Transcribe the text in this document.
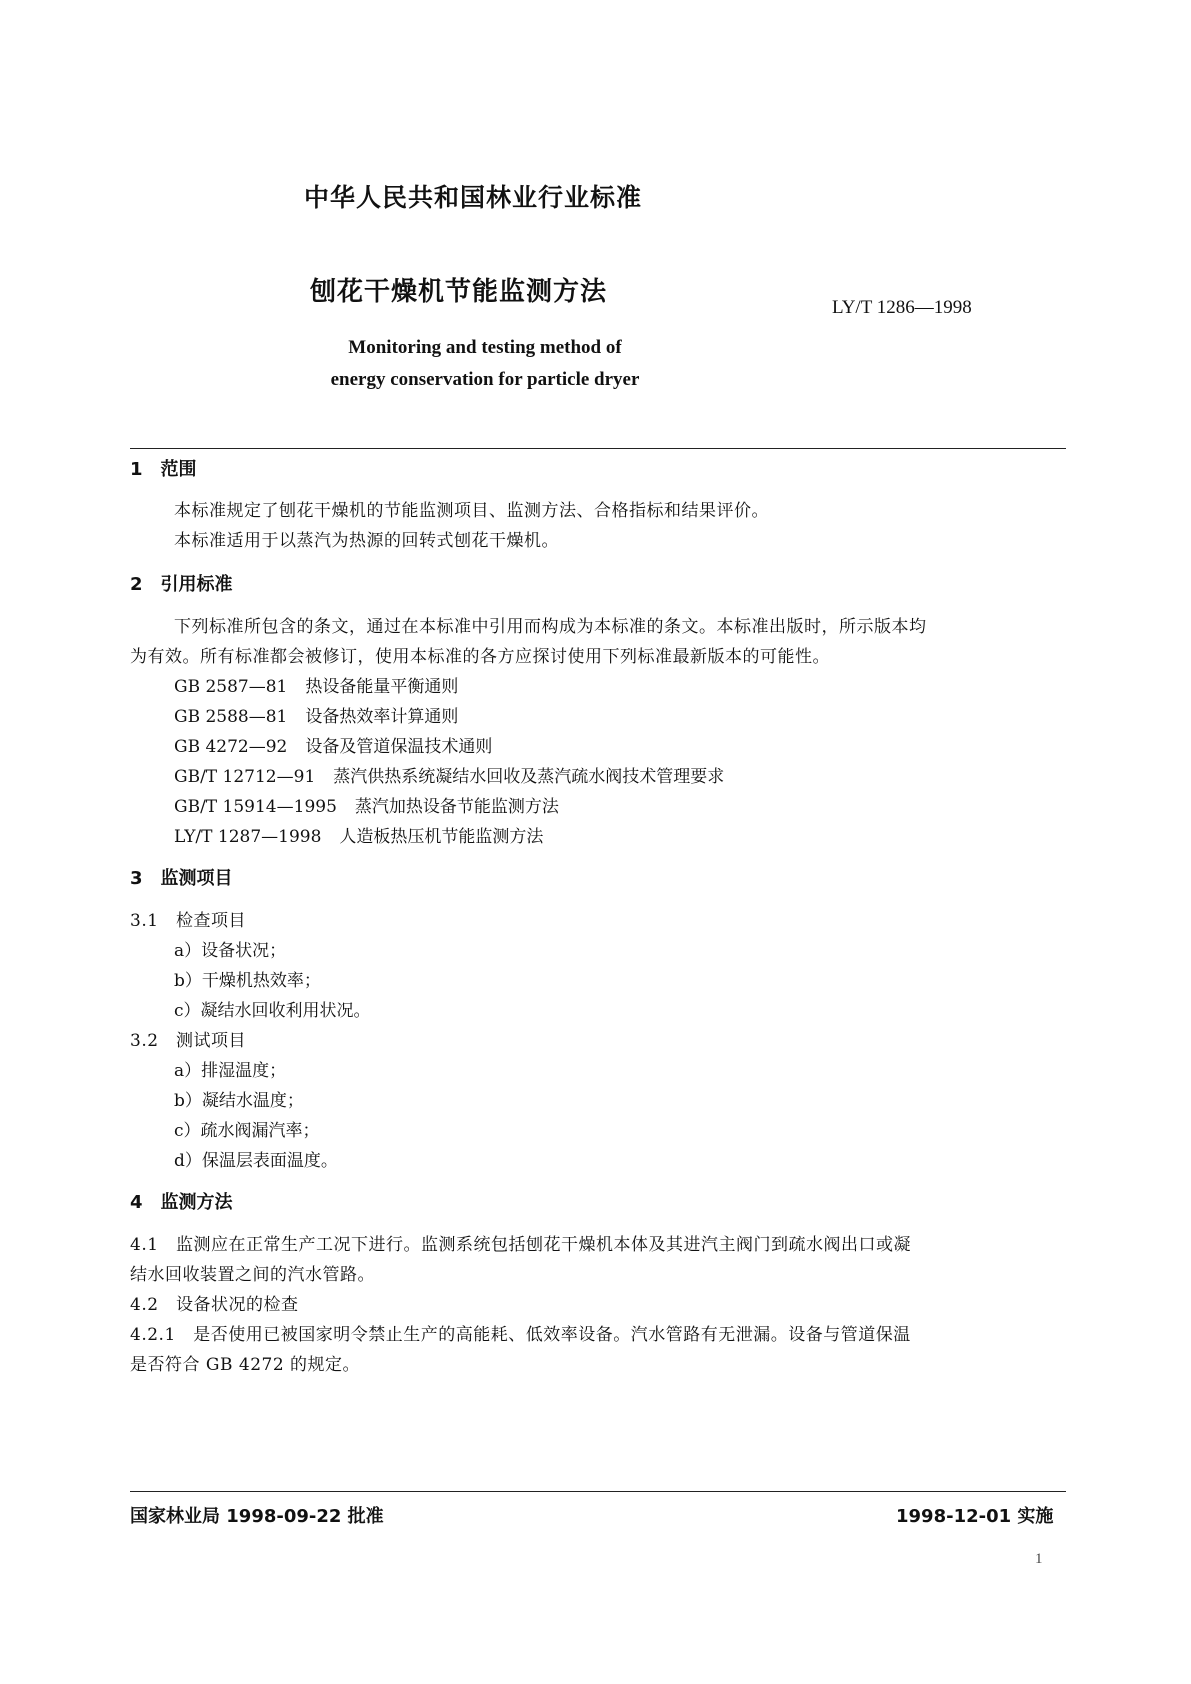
中华人民共和国林业行业标准
刨花干燥机节能监测方法
LY/T 1286—1998
Monitoring and testing method of
energy conservation for particle dryer
1　范围
本标准规定了刨花干燥机的节能监测项目、监测方法、合格指标和结果评价。
本标准适用于以蒸汽为热源的回转式刨花干燥机。
2　引用标准
下列标准所包含的条文，通过在本标准中引用而构成为本标准的条文。本标准出版时，所示版本均
为有效。所有标准都会被修订，使用本标准的各方应探讨使用下列标准最新版本的可能性。
GB 2587—81 热设备能量平衡通则
GB 2588—81 设备热效率计算通则
GB 4272—92 设备及管道保温技术通则
GB/T 12712—91 蒸汽供热系统凝结水回收及蒸汽疏水阀技术管理要求
GB/T 15914—1995 蒸汽加热设备节能监测方法
LY/T 1287—1998 人造板热压机节能监测方法
3　监测项目
3.1　检查项目
a）设备状况；
b）干燥机热效率；
c）凝结水回收利用状况。
3.2　测试项目
a）排湿温度；
b）凝结水温度；
c）疏水阀漏汽率；
d）保温层表面温度。
4　监测方法
4.1　监测应在正常生产工况下进行。监测系统包括刨花干燥机本体及其进汽主阀门到疏水阀出口或凝
结水回收装置之间的汽水管路。
4.2　设备状况的检查
4.2.1　是否使用已被国家明令禁止生产的高能耗、低效率设备。汽水管路有无泄漏。设备与管道保温
是否符合 GB 4272 的规定。
国家林业局 1998-09-22 批准	1998-12-01 实施
1
